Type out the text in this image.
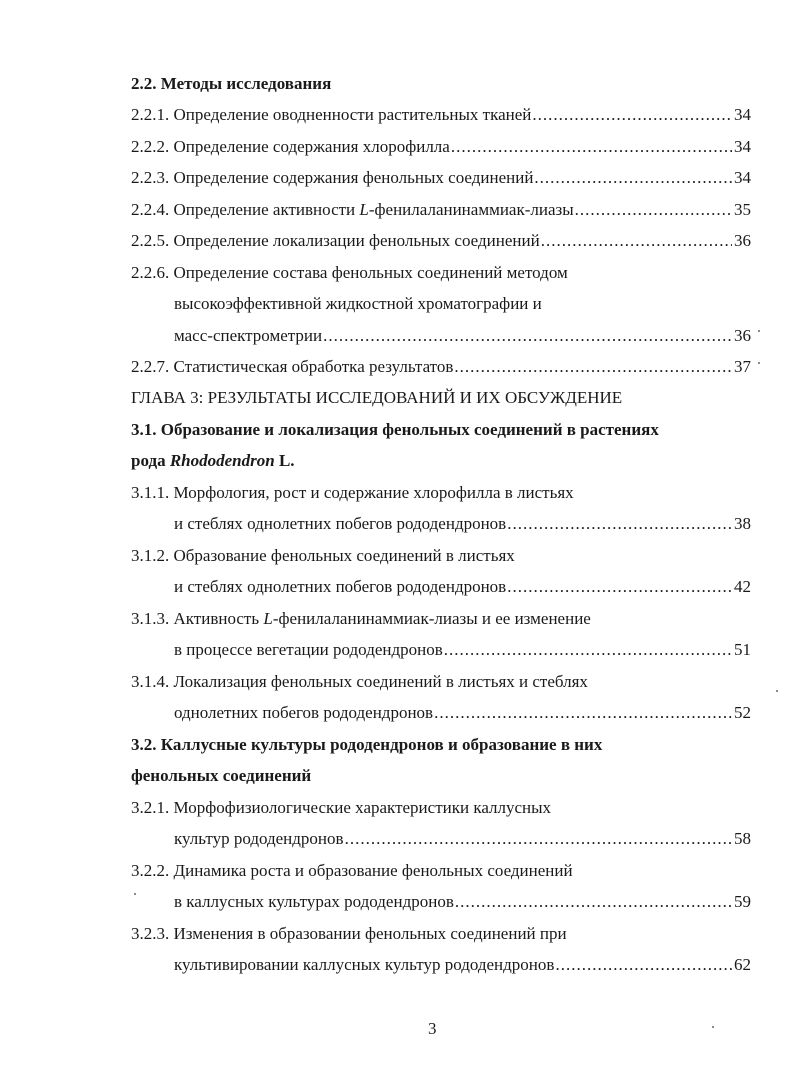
2.2. Методы исследования
2.2.1.
Определение оводненности растительных тканей .....	34
2.2.2.
Определение содержания хлорофилла .....	34
2.2.3.
Определение содержания фенольных соединений .....	34
2.2.4.
Определение активности L-фенилаланинаммиак-лиазы .....	35
2.2.5.
Определение локализации фенольных соединений .....	36
2.2.6. Определение состава фенольных соединений методом
высокоэффективной жидкостной хроматографии и
масс-спектрометрии .....	36
2.2.7.
Статистическая обработка результатов .....	37
ГЛАВА 3: РЕЗУЛЬТАТЫ ИССЛЕДОВАНИЙ И ИХ ОБСУЖДЕНИЕ
3.1. Образование и локализация фенольных соединений в растениях
рода Rhododendron L.
3.1.1. Морфология, рост и содержание хлорофилла в листьях
и стеблях однолетних побегов рододендронов .....	38
3.1.2. Образование фенольных соединений в листьях
и стеблях однолетних побегов рододендронов .....	42
3.1.3. Активность L-фенилаланинаммиак-лиазы и ее изменение
в процессе вегетации рододендронов .....	51
3.1.4. Локализация фенольных соединений в листьях и стеблях
однолетних побегов рододендронов .....	52
3.2. Каллусные культуры рододендронов и образование в них
фенольных соединений
3.2.1. Морфофизиологические характеристики каллусных
культур рододендронов .....	58
3.2.2. Динамика роста и образование фенольных соединений
в каллусных культурах рододендронов .....	59
3.2.3. Изменения в образовании фенольных соединений при
культивировании каллусных культур рододендронов .....	62
3
